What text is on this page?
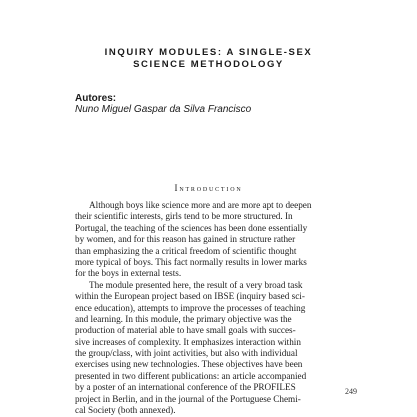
INQUIRY MODULES: A SINGLE-SEX
SCIENCE METHODOLOGY
Autores:
Nuno Miguel Gaspar da Silva Francisco
Introduction
Although boys like science more and are more apt to deepen
their scientific interests, girls tend to be more structured. In
Portugal, the teaching of the sciences has been done essentially
by women, and for this reason has gained in structure rather
than emphasizing the a critical freedom of scientific thought
more typical of boys. This fact normally results in lower marks
for the boys in external tests.
The module presented here, the result of a very broad task
within the European project based on IBSE (inquiry based sci-
ence education), attempts to improve the processes of teaching
and learning. In this module, the primary objective was the
production of material able to have small goals with succes-
sive increases of complexity. It emphasizes interaction within
the group/class, with joint activities, but also with individual
exercises using new technologies. These objectives have been
presented in two different publications: an article accompanied
by a poster of an international conference of the PROFILES
project in Berlin, and in the journal of the Portuguese Chemi-
cal Society (both annexed).
249
